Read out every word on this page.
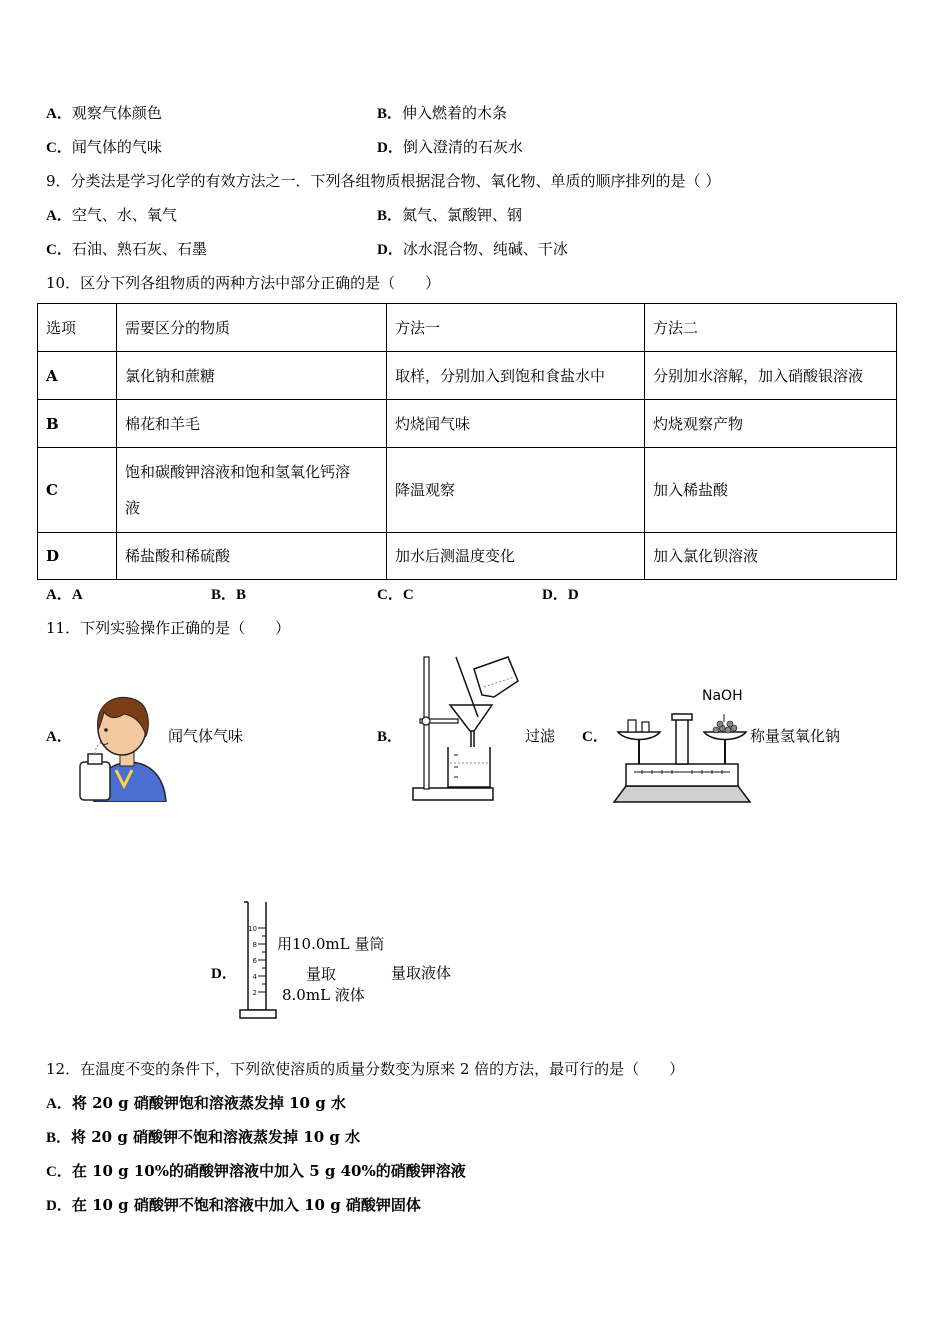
A．观察气体颜色	B．伸入燃着的木条
C．闻气体的气味	D．倒入澄清的石灰水
9．分类法是学习化学的有效方法之一．下列各组物质根据混合物、氧化物、单质的顺序排列的是（ ）
A．空气、水、氧气	B．氮气、氯酸钾、钢
C．石油、熟石灰、石墨	D．冰水混合物、纯碱、干冰
10．区分下列各组物质的两种方法中部分正确的是（　　）
选项	需要区分的物质	方法一	方法二
A	氯化钠和蔗糖	取样，分别加入到饱和食盐水中	分别加水溶解，加入硝酸银溶液
B	棉花和羊毛	灼烧闻气味	灼烧观察产物
C	饱和碳酸钾溶液和饱和氢氧化钙溶
液	降温观察	加入稀盐酸
D	稀盐酸和稀硫酸	加水后测温度变化	加入氯化钡溶液
A．A	B．B	C．C	D．D
11．下列实验操作正确的是（　　）
A．	闻气体气味	B．	过滤 C．
NaOH
称量氢氧化钠
D．
10
8
6
4
2
用10.0mL 量筒
量取
8.0mL 液体
量取液体
12．在温度不变的条件下，下列欲使溶质的质量分数变为原来 2 倍的方法，最可行的是（　　）
A．将 20 g 硝酸钾饱和溶液蒸发掉 10 g 水
B．将 20 g 硝酸钾不饱和溶液蒸发掉 10 g 水
C．在 10 g 10%的硝酸钾溶液中加入 5 g 40%的硝酸钾溶液
D．在 10 g 硝酸钾不饱和溶液中加入 10 g 硝酸钾固体
